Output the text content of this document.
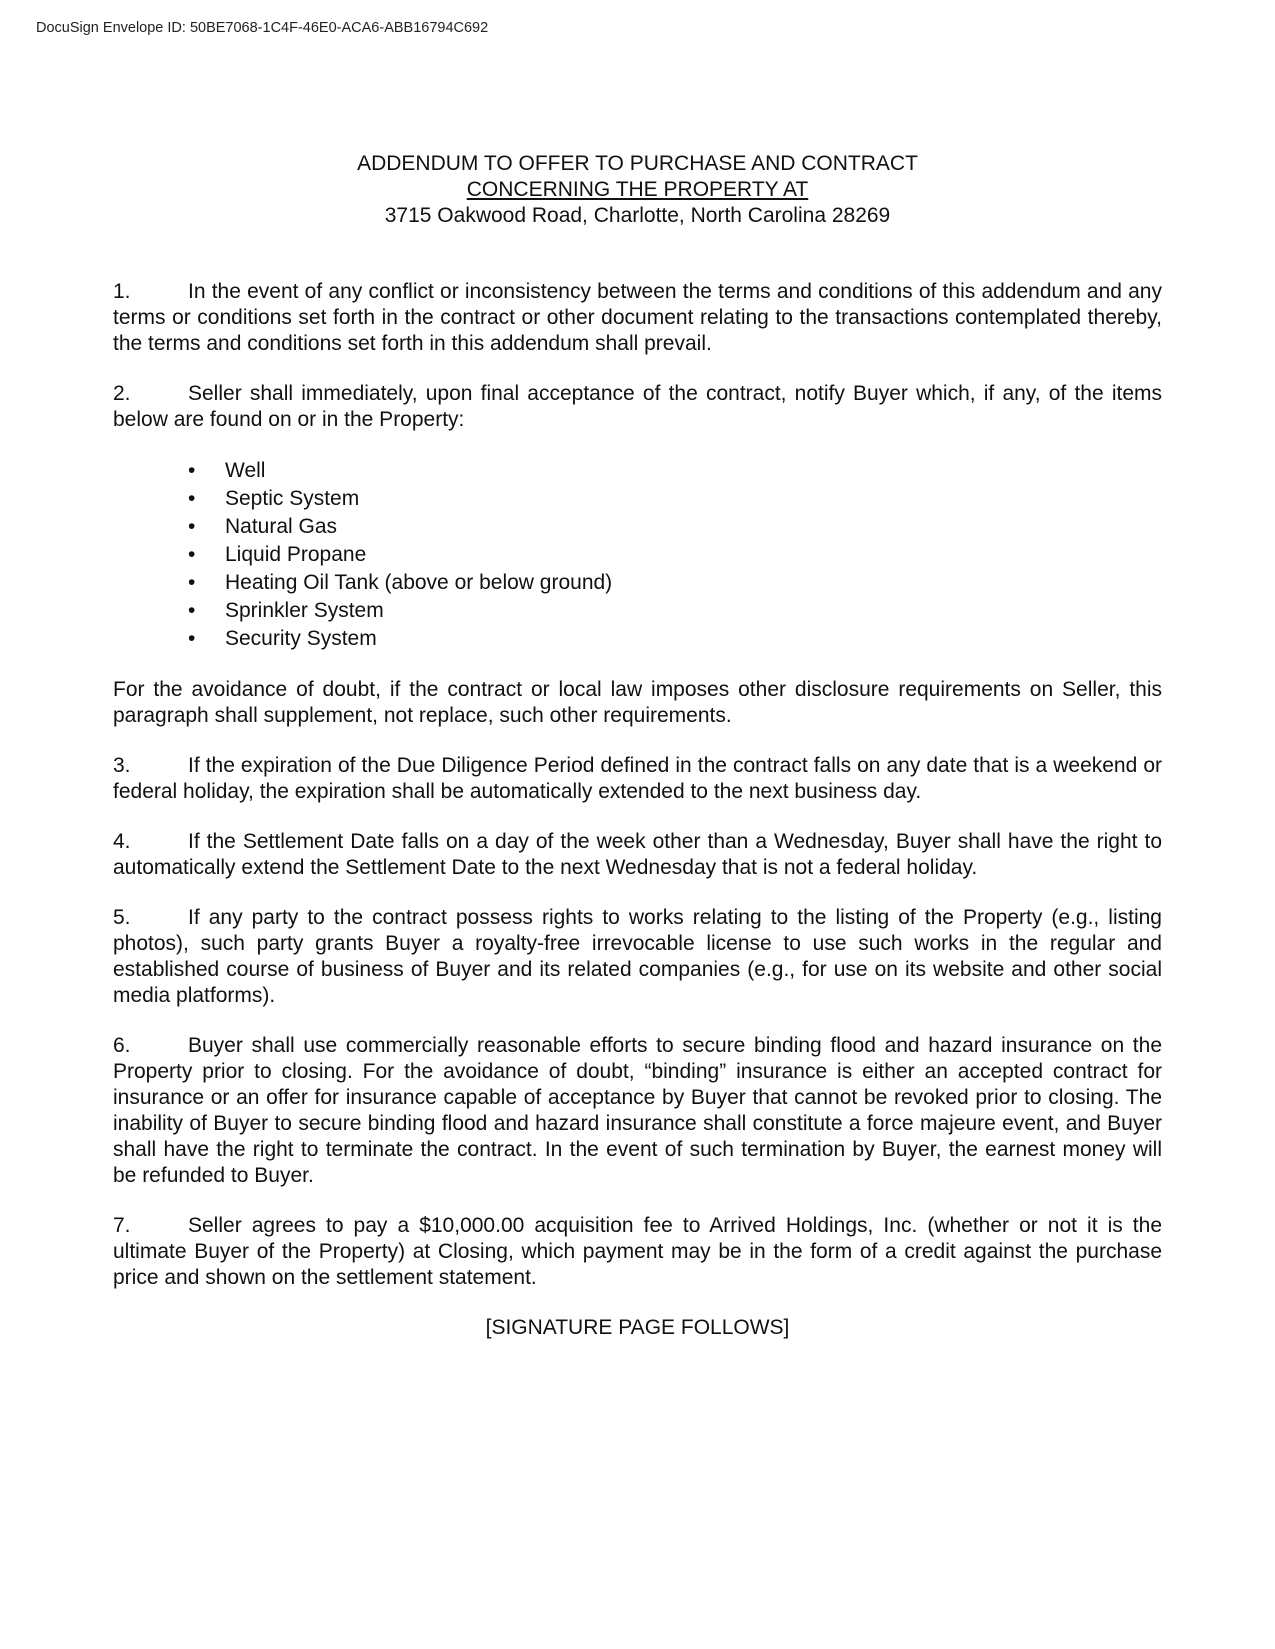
DocuSign Envelope ID: 50BE7068-1C4F-46E0-ACA6-ABB16794C692
ADDENDUM TO OFFER TO PURCHASE AND CONTRACT
CONCERNING THE PROPERTY AT
3715 Oakwood Road, Charlotte, North Carolina 28269

1.	In the event of any conflict or inconsistency between the terms and conditions of this addendum and any terms or conditions set forth in the contract or other document relating to the transactions contemplated thereby, the terms and conditions set forth in this addendum shall prevail.

2.	Seller shall immediately, upon final acceptance of the contract, notify Buyer which, if any, of the items below are found on or in the Property:

• Well
• Septic System
• Natural Gas
• Liquid Propane
• Heating Oil Tank (above or below ground)
• Sprinkler System
• Security System

For the avoidance of doubt, if the contract or local law imposes other disclosure requirements on Seller, this paragraph shall supplement, not replace, such other requirements.

3.	If the expiration of the Due Diligence Period defined in the contract falls on any date that is a weekend or federal holiday, the expiration shall be automatically extended to the next business day.

4.	If the Settlement Date falls on a day of the week other than a Wednesday, Buyer shall have the right to automatically extend the Settlement Date to the next Wednesday that is not a federal holiday.

5.	If any party to the contract possess rights to works relating to the listing of the Property (e.g., listing photos), such party grants Buyer a royalty-free irrevocable license to use such works in the regular and established course of business of Buyer and its related companies (e.g., for use on its website and other social media platforms).

6.	Buyer shall use commercially reasonable efforts to secure binding flood and hazard insurance on the Property prior to closing. For the avoidance of doubt, “binding” insurance is either an accepted contract for insurance or an offer for insurance capable of acceptance by Buyer that cannot be revoked prior to closing. The inability of Buyer to secure binding flood and hazard insurance shall constitute a force majeure event, and Buyer shall have the right to terminate the contract. In the event of such termination by Buyer, the earnest money will be refunded to Buyer.

7.	Seller agrees to pay a $10,000.00 acquisition fee to Arrived Holdings, Inc. (whether or not it is the ultimate Buyer of the Property) at Closing, which payment may be in the form of a credit against the purchase price and shown on the settlement statement.

[SIGNATURE PAGE FOLLOWS]
